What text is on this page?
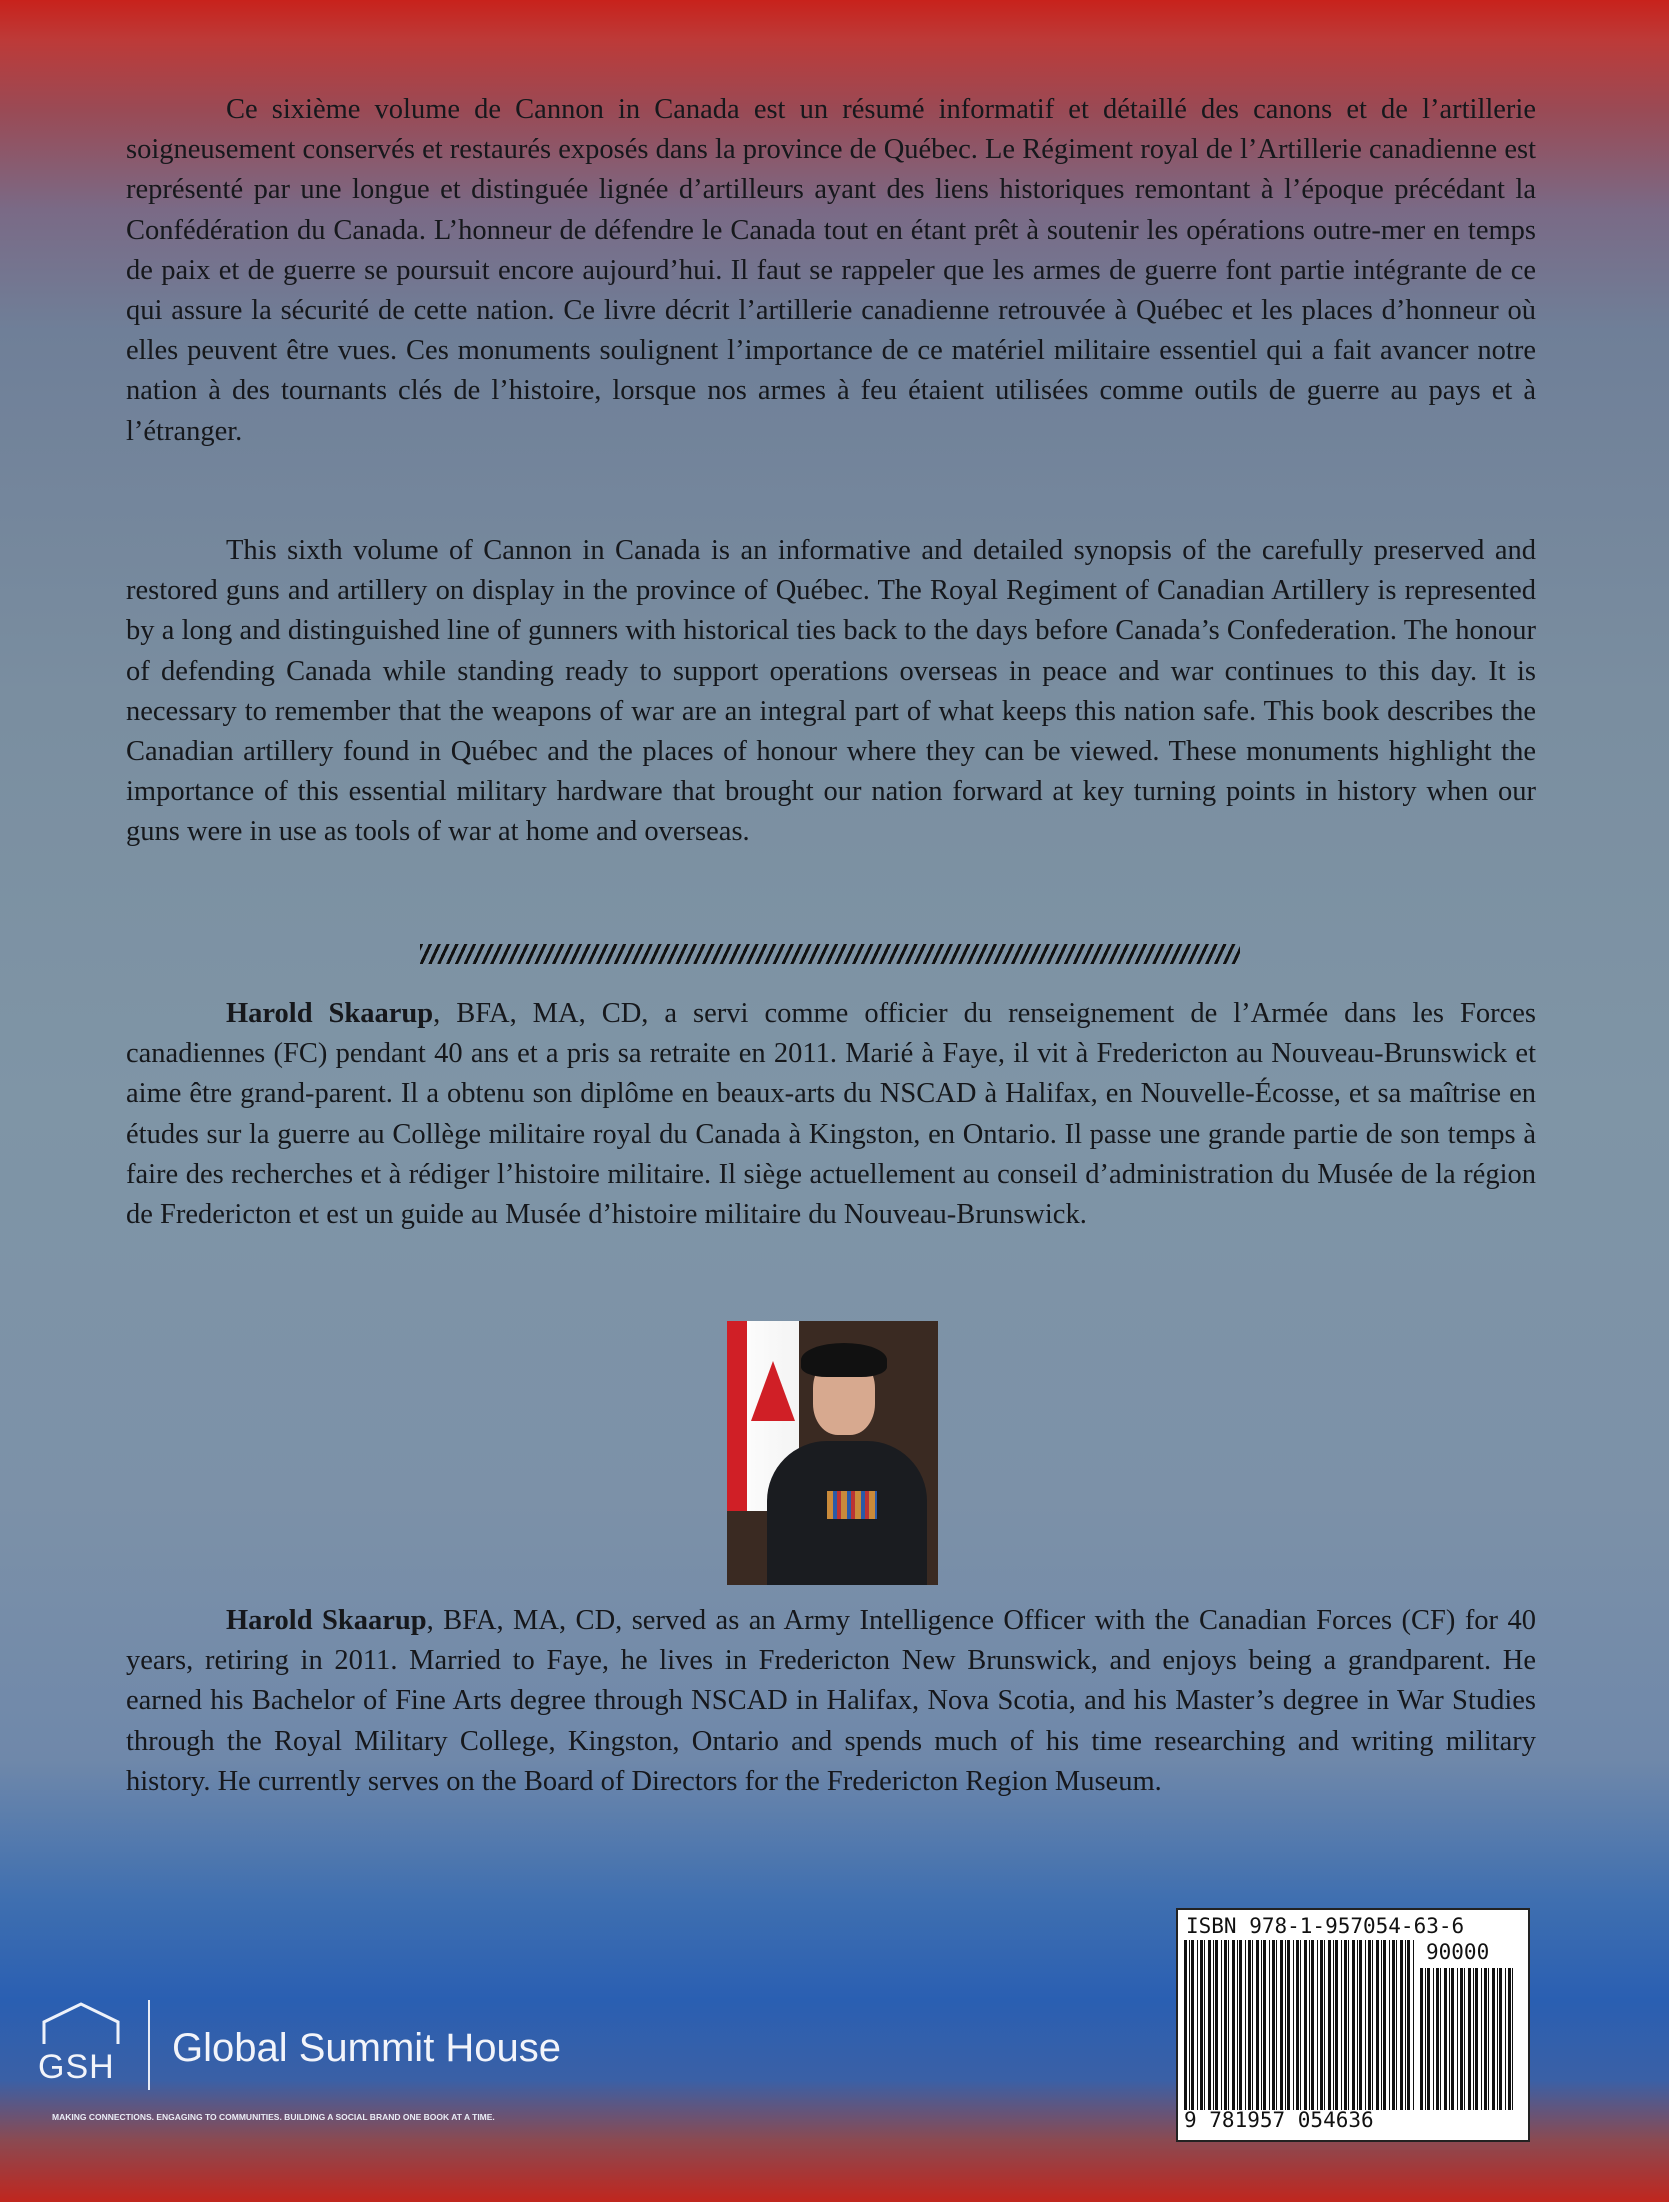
Ce sixième volume de Cannon in Canada est un résumé informatif et détaillé des canons et de l’artillerie soigneusement conservés et restaurés exposés dans la province de Québec. Le Régiment royal de l’Artillerie canadienne est représenté par une longue et distinguée lignée d’artilleurs ayant des liens historiques remontant à l’époque précédant la Confédération du Canada. L’honneur de défendre le Canada tout en étant prêt à soutenir les opérations outre-mer en temps de paix et de guerre se poursuit encore aujourd’hui. Il faut se rappeler que les armes de guerre font partie intégrante de ce qui assure la sécurité de cette nation. Ce livre décrit l’artillerie canadienne retrouvée à Québec et les places d’honneur où elles peuvent être vues. Ces monuments soulignent l’importance de ce matériel militaire essentiel qui a fait avancer notre nation à des tournants clés de l’histoire, lorsque nos armes à feu étaient utilisées comme outils de guerre au pays et à l’étranger.

This sixth volume of Cannon in Canada is an informative and detailed synopsis of the carefully preserved and restored guns and artillery on display in the province of Québec. The Royal Regiment of Canadian Artillery is represented by a long and distinguished line of gunners with historical ties back to the days before Canada’s Confederation. The honour of defending Canada while standing ready to support operations overseas in peace and war continues to this day. It is necessary to remember that the weapons of war are an integral part of what keeps this nation safe. This book describes the Canadian artillery found in Québec and the places of honour where they can be viewed. These monuments highlight the importance of this essential military hardware that brought our nation forward at key turning points in history when our guns were in use as tools of war at home and overseas.

Harold Skaarup, BFA, MA, CD, a servi comme officier du renseignement de l’Armée dans les Forces canadiennes (FC) pendant 40 ans et a pris sa retraite en 2011. Marié à Faye, il vit à Fredericton au Nouveau-Brunswick et aime être grand-parent. Il a obtenu son diplôme en beaux-arts du NSCAD à Halifax, en Nouvelle-Écosse, et sa maîtrise en études sur la guerre au Collège militaire royal du Canada à Kingston, en Ontario. Il passe une grande partie de son temps à faire des recherches et à rédiger l’histoire militaire. Il siège actuellement au conseil d’administration du Musée de la région de Fredericton et est un guide au Musée d’histoire militaire du Nouveau-Brunswick.

Harold Skaarup, BFA, MA, CD, served as an Army Intelligence Officer with the Canadian Forces (CF) for 40 years, retiring in 2011. Married to Faye, he lives in Fredericton New Brunswick, and enjoys being a grandparent. He earned his Bachelor of Fine Arts degree through NSCAD in Halifax, Nova Scotia, and his Master’s degree in War Studies through the Royal Military College, Kingston, Ontario and spends much of his time researching and writing military history. He currently serves on the Board of Directors for the Fredericton Region Museum.

GSH Global Summit House
MAKING CONNECTIONS. ENGAGING TO COMMUNITIES. BUILDING A SOCIAL BRAND ONE BOOK AT A TIME.
ISBN 978-1-957054-63-6
90000
9 781957 054636
